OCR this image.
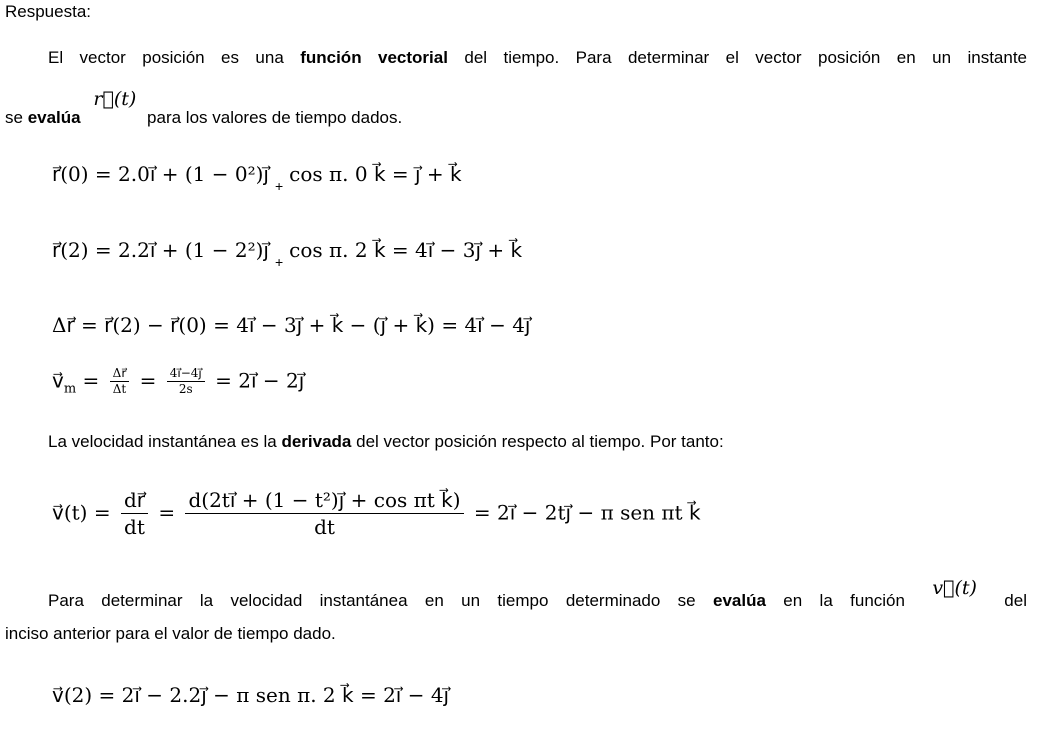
Respuesta:
El vector posición es una función vectorial del tiempo. Para determinar el vector posición en un instante
se evalúa r⃗(t) para los valores de tiempo dados.
r⃗(0) = 2.0i⃗ + (1 − 0²)j⃗ $_+$ cos π. 0 k⃗ = j⃗ + k⃗
r⃗(2) = 2.2i⃗ + (1 − 2²)j⃗ $_+$ cos π. 2 k⃗ = 4i⃗ − 3j⃗ + k⃗
Δr⃗ = r⃗(2) − r⃗(0) = 4i⃗ − 3j⃗ + k⃗ − (j⃗ + k⃗) = 4i⃗ − 4j⃗
$v⃗_m = \frac{\Delta r⃗}{\Delta t} = \frac{4i⃗-4j⃗}{2s}$ = 2i⃗ − 2j⃗
La velocidad instantánea es la derivada del vector posición respecto al tiempo. Por tanto:
v⃗(t) = $\frac{dr⃗}{dt} = \frac{\text{d(2ti⃗ + (1 − t²)j⃗ + cos πt k⃗)}}{dt}$ = 2i⃗ − 2tj⃗ − π sen πt k⃗
Para determinar la velocidad instantánea en un tiempo determinado se evalúa en la función v⃗(t) del
inciso anterior para el valor de tiempo dado.
v⃗(2) = 2i⃗ − 2.2j⃗ − π sen π. 2 k⃗ = 2i⃗ − 4j⃗
